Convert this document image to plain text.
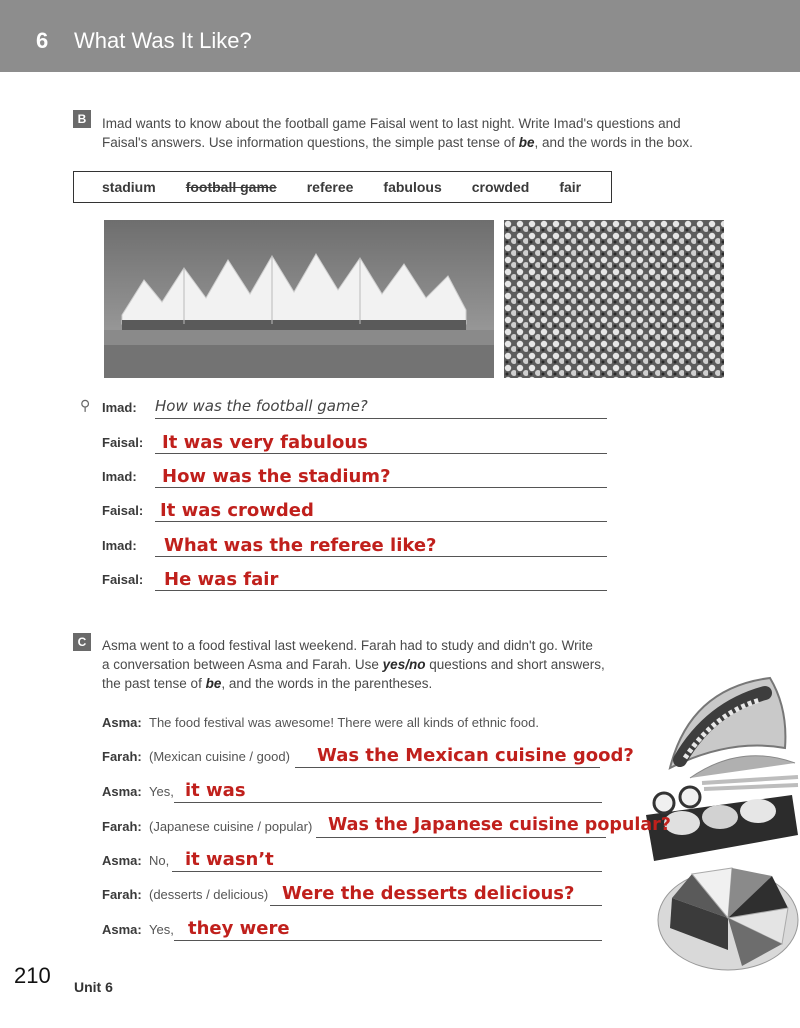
6 What Was It Like?
B	Imad wants to know about the football game Faisal went to last night. Write Imad's questions and
Faisal's answers. Use information questions, the simple past tense of be, and the words in the box.
stadium football game referee fabulous crowded fair
⚲ Imad: How was the football game?
Faisal: It was very fabulous
Imad: How was the stadium?
Faisal: It was crowded
Imad: What was the referee like?
Faisal: He was fair
C	Asma went to a food festival last weekend. Farah had to study and didn't go. Write
a conversation between Asma and Farah. Use yes/no questions and short answers,
the past tense of be, and the words in the parentheses.
Asma: The food festival was awesome! There were all kinds of ethnic food.
Farah: (Mexican cuisine / good) Was the Mexican cuisine good?
Asma: Yes, it was
Farah: (Japanese cuisine / popular) Was the Japanese cuisine popular?
Asma: No, it wasn’t
Farah: (desserts / delicious) Were the desserts delicious?
Asma: Yes, they were
210 Unit 6
